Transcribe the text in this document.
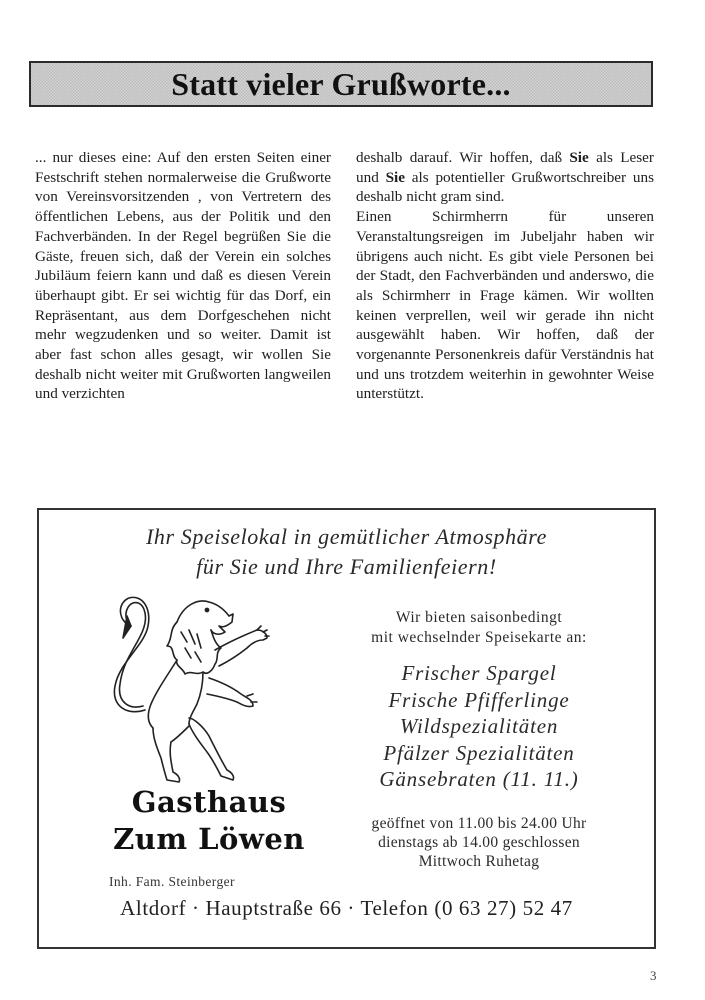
Statt vieler Grußworte...

... nur dieses eine: Auf den ersten Seiten einer Festschrift stehen normalerweise die Grußworte von Vereinsvorsitzenden , von Vertretern des öffentlichen Lebens, aus der Politik und den Fachverbänden. In der Regel begrüßen Sie die Gäste, freuen sich, daß der Verein ein solches Jubiläum feiern kann und daß es diesen Verein überhaupt gibt. Er sei wichtig für das Dorf, ein Repräsentant, aus dem Dorfgeschehen nicht mehr wegzudenken und so weiter. Damit ist aber fast schon alles gesagt, wir wollen Sie deshalb nicht weiter mit Grußworten langweilen und verzichten

deshalb darauf. Wir hoffen, daß Sie als Leser und Sie als potentieller Grußwortschreiber uns deshalb nicht gram sind.

Einen Schirmherrn für unseren Veranstaltungsreigen im Jubeljahr haben wir übrigens auch nicht. Es gibt viele Personen bei der Stadt, den Fachverbänden und anderswo, die als Schirmherr in Frage kämen. Wir wollten keinen verprellen, weil wir gerade ihn nicht ausgewählt haben. Wir hoffen, daß der vorgenannte Personenkreis dafür Verständnis hat und uns trotzdem weiterhin in gewohnter Weise unterstützt.

Ihr Speiselokal in gemütlicher Atmosphäre
für Sie und Ihre Familienfeiern!
Wir bieten saisonbedingt
mit wechselnder Speisekarte an:
Frischer Spargel
Frische Pfifferlinge
Wildspezialitäten
Pfälzer Spezialitäten
Gänsebraten (11. 11.)
Gasthaus
Zum Löwen	geöffnet von 11.00 bis 24.00 Uhr
dienstags ab 14.00 geschlossen
Mittwoch Ruhetag
Inh. Fam. Steinberger
Altdorf · Hauptstraße 66 · Telefon (0 63 27) 52 47
3
